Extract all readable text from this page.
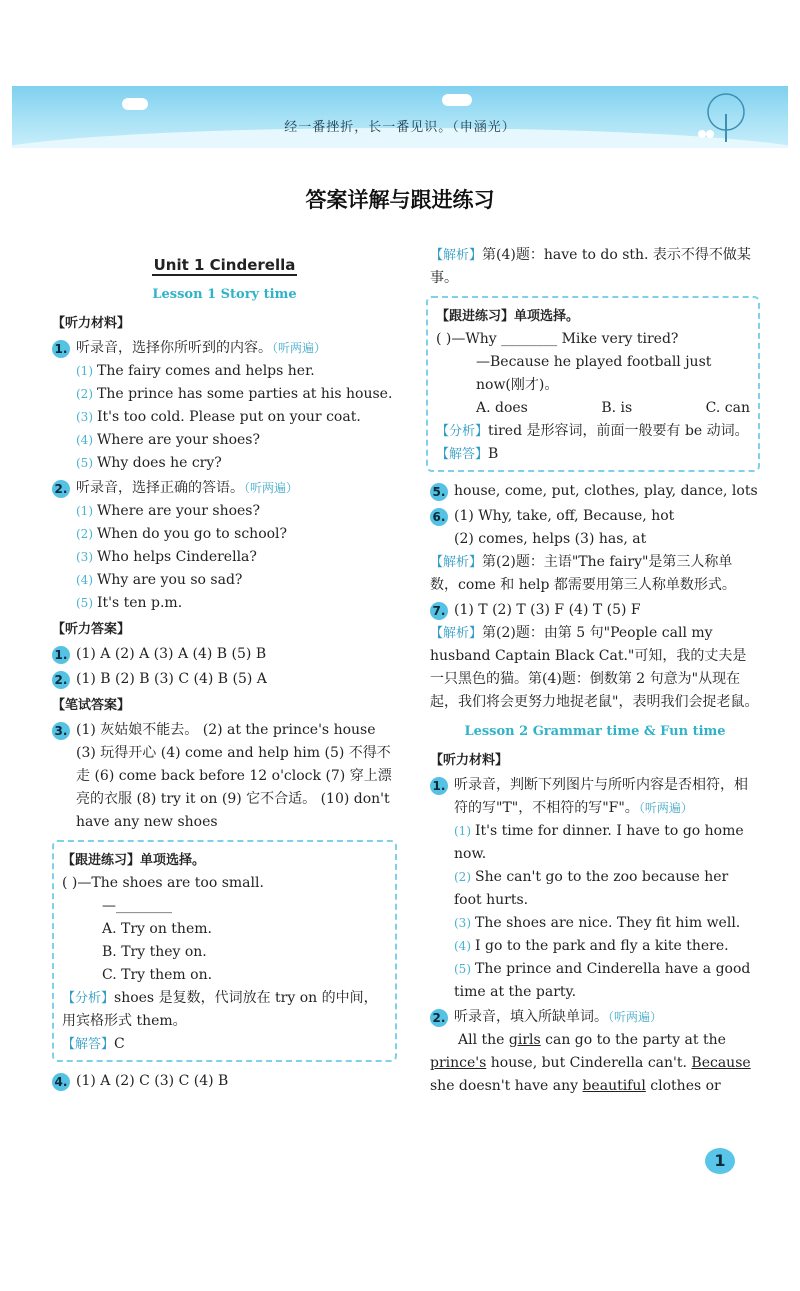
经一番挫折，长一番见识。（申涵光）
答案详解与跟进练习
Unit 1 Cinderella
Lesson 1 Story time
【听力材料】
1. 听录音，选择你所听到的内容。（听两遍）
(1) The fairy comes and helps her.
(2) The prince has some parties at his house.
(3) It's too cold. Please put on your coat.
(4) Where are your shoes?
(5) Why does he cry?
2. 听录音，选择正确的答语。（听两遍）
(1) Where are your shoes?
(2) When do you go to school?
(3) Who helps Cinderella?
(4) Why are you so sad?
(5) It's ten p.m.
【听力答案】
1. (1) A (2) A (3) A (4) B (5) B
2. (1) B (2) B (3) C (4) B (5) A
【笔试答案】
3. (1) 灰姑娘不能去。 (2) at the prince's house (3) 玩得开心 (4) come and help him (5) 不得不走 (6) come back before 12 o'clock (7) 穿上漂亮的衣服 (8) try it on (9) 它不合适。 (10) don't have any new shoes
【跟进练习】单项选择。
( )—The shoes are too small.
—________
A. Try on them.
B. Try they on.
C. Try them on.
【分析】shoes 是复数，代词放在 try on 的中间，用宾格形式 them。
【解答】C
4. (1) A (2) C (3) C (4) B
【解析】第(4)题：have to do sth. 表示不得不做某事。
【跟进练习】单项选择。
( )—Why ________ Mike very tired?
—Because he played football just now(刚才)。
A. does	B. is	C. can
【分析】tired 是形容词，前面一般要有 be 动词。
【解答】B
5. house, come, put, clothes, play, dance, lots
6. (1) Why, take, off, Because, hot
(2) comes, helps (3) has, at
【解析】第(2)题：主语"The fairy"是第三人称单数，come 和 help 都需要用第三人称单数形式。
7. (1) T (2) T (3) F (4) T (5) F
【解析】第(2)题：由第 5 句"People call my husband Captain Black Cat."可知，我的丈夫是一只黑色的猫。第(4)题：倒数第 2 句意为"从现在起，我们将会更努力地捉老鼠"，表明我们会捉老鼠。
Lesson 2 Grammar time & Fun time
【听力材料】
1. 听录音，判断下列图片与所听内容是否相符，相符的写"T"，不相符的写"F"。（听两遍）
(1) It's time for dinner. I have to go home now.
(2) She can't go to the zoo because her foot hurts.
(3) The shoes are nice. They fit him well.
(4) I go to the park and fly a kite there.
(5) The prince and Cinderella have a good time at the party.
2. 听录音，填入所缺单词。（听两遍）
All the girls can go to the party at the prince's house, but Cinderella can't. Because she doesn't have any beautiful clothes or
1
